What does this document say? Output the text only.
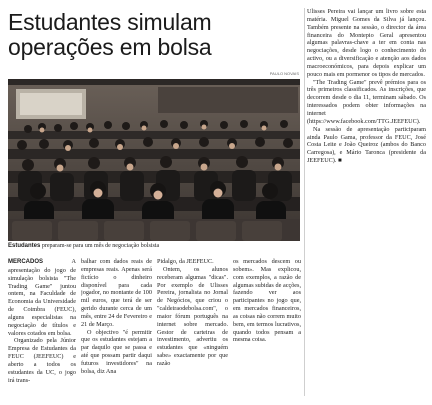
Estudantes simulam
operações em bolsa
PAULO NOVAIS
Estudantes preparam-se para um mês de negociação bolsista

MERCADOS A apresentação do jogo de simulação bolsista "The Trading Game" juntou ontem, na Faculdade de Economia da Universidade de Coimbra (FEUC), alguns especialistas na negociação de títulos e valores cotados em bolsa.

Organizado pela Júnior Empresa de Estudantes da FEUC (JEEFEUC) e aberto a todos os estudantes da UC, o jogo irá trans-

balhar com dados reais de empresas reais. Apenas será fictício o dinheiro disponível para cada jogador, no montante de 100 mil euros, que terá de ser gerido durante cerca de um mês, entre 24 de Fevereiro e 21 de Março.

O objectivo "é permitir que os estudantes estejam a par daquilo que se passa e até que possam partir daqui futuros investidores" na bolsa, diz Ana

Pidalgo, da JEEFEUC.

Ontem, os alunos receberam algumas "dicas". Por exemplo de Ulisses Pereira, jornalista no Jornal de Negócios, que criou o "caldeiraodebolsa.com", o maior fórum português na internet sobre mercado. Gestor de carteiras de investimento, advertiu os estudantes que «ninguém sabe» exactamente por que razão

os mercados descem ou sobem». Mas explicou, com exemplos, a razão de algumas subidas de acções, fazendo ver aos participantes no jogo que, em mercados financeiros, as coisas não correm muito bem, em termos lucrativos, quando todos pensam a mesma coisa.

Ulisses Pereira vai lançar um livro sobre esta matéria. Miguel Gomes da Silva já lançou. Também presente na sessão, o director da área financeira do Montepio Geral apresentou algumas palavras-chave a ter em conta nas negociações, desde logo o conhecimento do activo, ou a diversificação e atenção aos dados macroeconómicos, para depois explicar um pouco mais em pormenor os tipos de mercados.

"The Trading Game" prevê prémios para os três primeiros classificados. As inscrições, que decorrem desde o dia 11, terminam sábado. Os interessados podem obter informações na internet (https://www.facebook.com/TTG.JEEFEUC).

Na sessão de apresentação participaram ainda Paulo Gama, professor da FEUC, José Costa Leite e João Queiroz (ambos do Banco Carregosa), e Mário Taronca (presidente da JEEFEUC). ■
